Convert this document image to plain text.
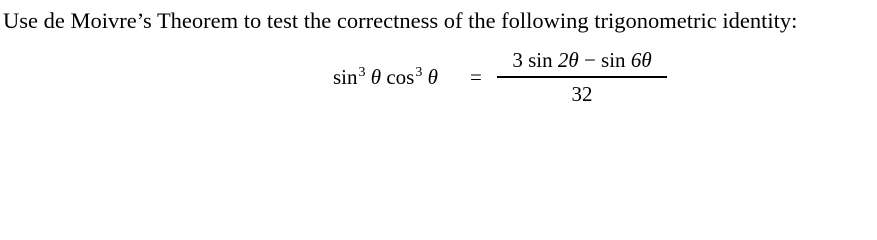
Use de Moivre’s Theorem to test the correctness of the following trigonometric identity:
$\sin^3 \theta$ $\cos^3 \theta$ =
3 sin 2θ − sin 6θ
32
